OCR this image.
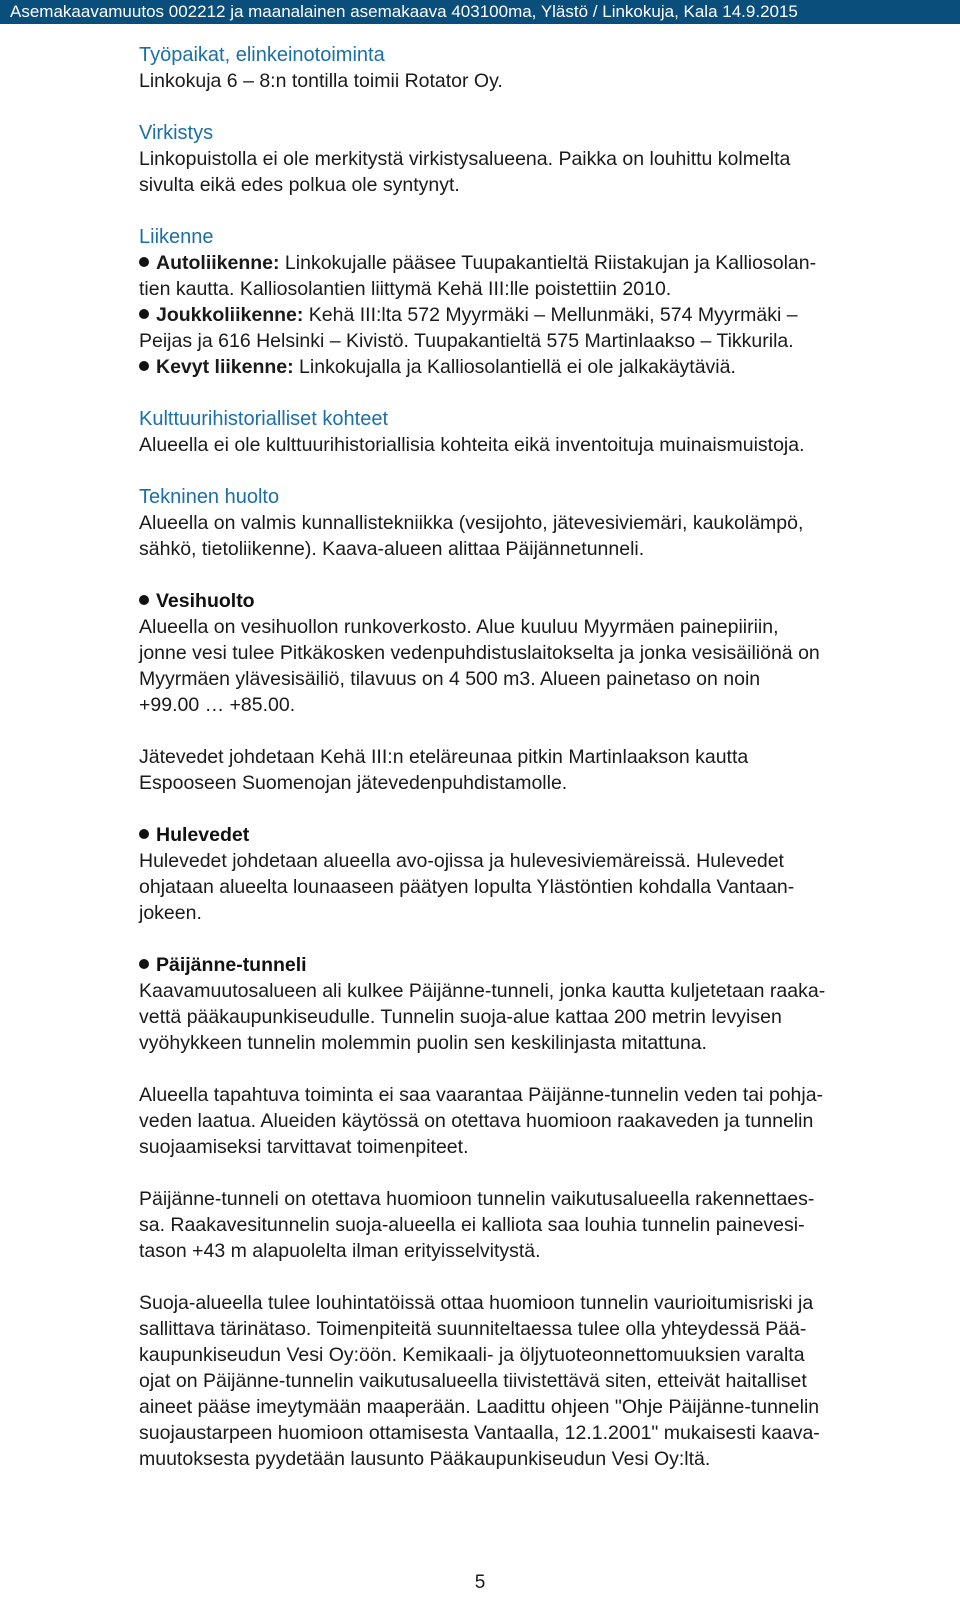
Asemakaavamuutos 002212 ja maanalainen asemakaava 403100ma, Ylästö / Linkokuja, Kala 14.9.2015
Työpaikat, elinkeinotoiminta
Linkokuja 6 – 8:n tontilla toimii Rotator Oy.
Virkistys
Linkopuistolla ei ole merkitystä virkistysalueena. Paikka on louhittu kolmelta
sivulta eikä edes polkua ole syntynyt.
Liikenne
Autoliikenne: Linkokujalle pääsee Tuupakantieltä Riistakujan ja Kalliosolan-
tien kautta. Kalliosolantien liittymä Kehä III:lle poistettiin 2010.
Joukkoliikenne: Kehä III:lta 572 Myyrmäki – Mellunmäki, 574 Myyrmäki –
Peijas ja 616 Helsinki – Kivistö. Tuupakantieltä 575 Martinlaakso – Tikkurila.
Kevyt liikenne: Linkokujalla ja Kalliosolantiellä ei ole jalkakäytäviä.
Kulttuurihistorialliset kohteet
Alueella ei ole kulttuurihistoriallisia kohteita eikä inventoituja muinaismuistoja.
Tekninen huolto
Alueella on valmis kunnallistekniikka (vesijohto, jätevesiviemäri, kaukolämpö,
sähkö, tietoliikenne). Kaava-alueen alittaa Päijännetunneli.
Vesihuolto
Alueella on vesihuollon runkoverkosto. Alue kuuluu Myyrmäen painepiiriin,
jonne vesi tulee Pitkäkosken vedenpuhdistuslaitokselta ja jonka vesisäiliönä on
Myyrmäen ylävesisäiliö, tilavuus on 4 500 m3. Alueen painetaso on noin
+99.00 … +85.00.
Jätevedet johdetaan Kehä III:n eteläreunaa pitkin Martinlaakson kautta
Espooseen Suomenojan jätevedenpuhdistamolle.
Hulevedet
Hulevedet johdetaan alueella avo-ojissa ja hulevesiviemäreissä. Hulevedet
ohjataan alueelta lounaaseen päätyen lopulta Ylästöntien kohdalla Vantaan-
jokeen.
Päijänne-tunneli
Kaavamuutosalueen ali kulkee Päijänne-tunneli, jonka kautta kuljetetaan raaka-
vettä pääkaupunkiseudulle. Tunnelin suoja-alue kattaa 200 metrin levyisen
vyöhykkeen tunnelin molemmin puolin sen keskilinjasta mitattuna.
Alueella tapahtuva toiminta ei saa vaarantaa Päijänne-tunnelin veden tai pohja-
veden laatua. Alueiden käytössä on otettava huomioon raakaveden ja tunnelin
suojaamiseksi tarvittavat toimenpiteet.
Päijänne-tunneli on otettava huomioon tunnelin vaikutusalueella rakennettaes-
sa. Raakavesitunnelin suoja-alueella ei kalliota saa louhia tunnelin painevesi-
tason +43 m alapuolelta ilman erityisselvitystä.
Suoja-alueella tulee louhintatöissä ottaa huomioon tunnelin vaurioitumisriski ja
sallittava tärinätaso. Toimenpiteitä suunniteltaessa tulee olla yhteydessä Pää-
kaupunkiseudun Vesi Oy:öön. Kemikaali- ja öljytuoteonnettomuuksien varalta
ojat on Päijänne-tunnelin vaikutusalueella tiivistettävä siten, etteivät haitalliset
aineet pääse imeytymään maaperään. Laadittu ohjeen "Ohje Päijänne-tunnelin
suojaustarpeen huomioon ottamisesta Vantaalla, 12.1.2001" mukaisesti kaava-
muutoksesta pyydetään lausunto Pääkaupunkiseudun Vesi Oy:ltä.
5
